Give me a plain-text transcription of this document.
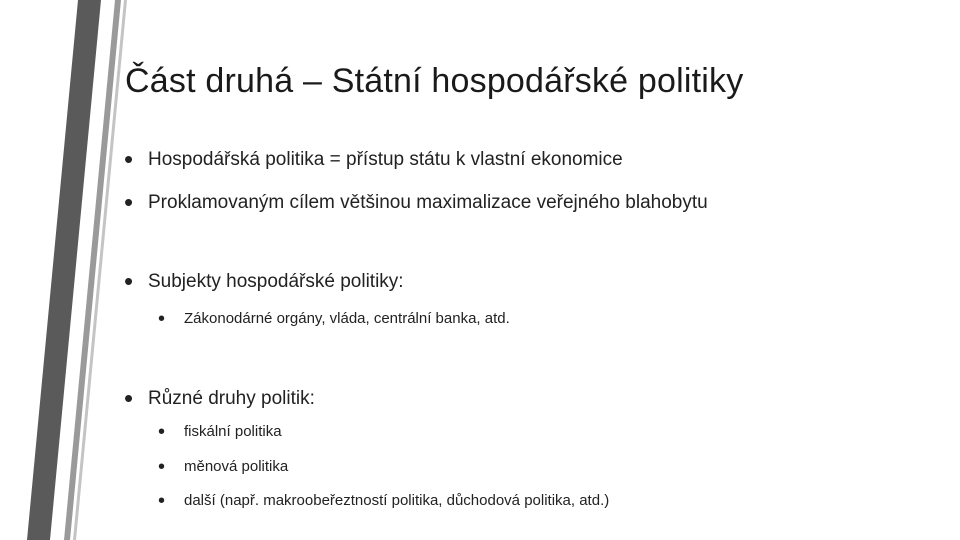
Část druhá – Státní hospodářské politiky
• Hospodářská politika = přístup státu k vlastní ekonomice
• Proklamovaným cílem většinou maximalizace veřejného blahobytu
• Subjekty hospodářské politiky:
•	Zákonodárné orgány, vláda, centrální banka, atd.
• Různé druhy politik:
•	fiskální politika
•	měnová politika
•	další (např. makroobeřeztností politika, důchodová politika, atd.)
